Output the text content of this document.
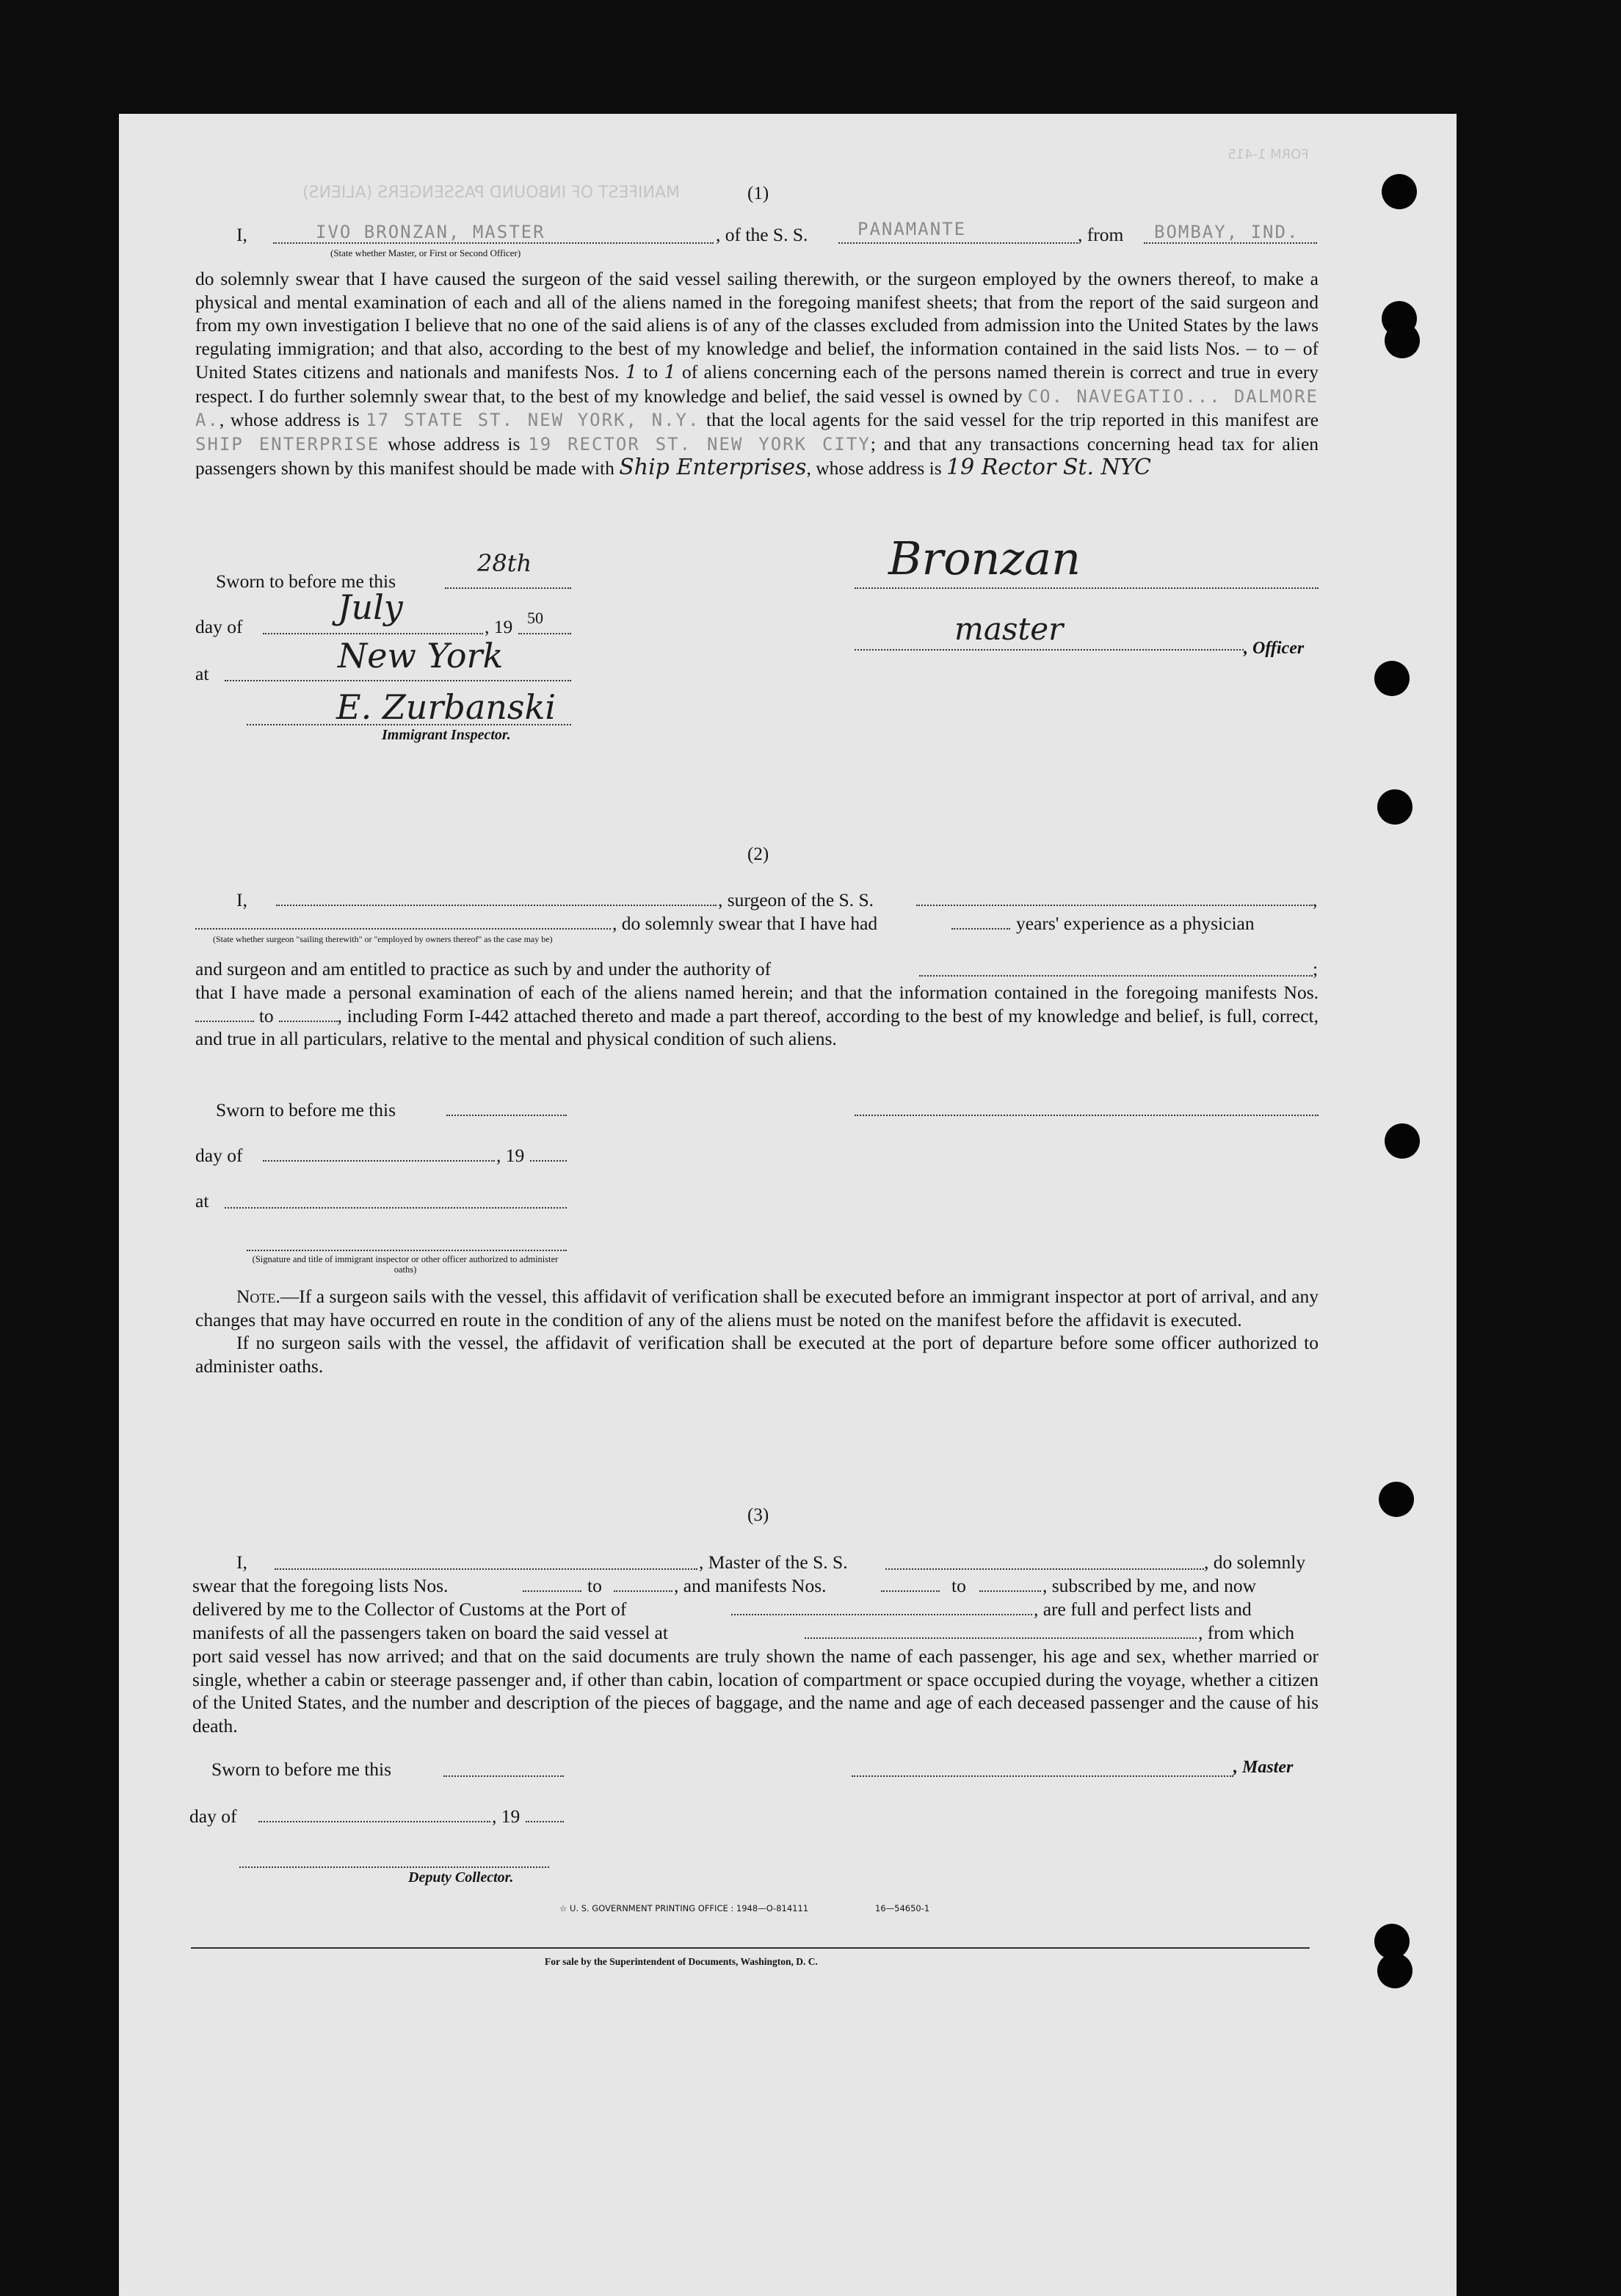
MANIFEST OF INBOUND PASSENGERS (ALIENS)
FORM 1-415
(1)
I,	IVO BRONZAN, MASTER	, of the S. S.	PANAMANTE	, from BOMBAY, IND.
(State whether Master, or First or Second Officer)

do solemnly swear that I have caused the surgeon of the said vessel sailing therewith, or the surgeon employed by the owners thereof, to make a physical and mental examination of each and all of the aliens named in the foregoing manifest sheets; that from the report of the said surgeon and from my own investigation I believe that no one of the said aliens is of any of the classes excluded from admission into the United States by the laws regulating immigration; and that also, according to the best of my knowledge and belief, the information contained in the said lists Nos. — to — of United States citizens and nationals and manifests Nos. 1 to 1 of aliens concerning each of the persons named therein is correct and true in every respect. I do further solemnly swear that, to the best of my knowledge and belief, the said vessel is owned by CO. NAVEGATIO... DALMORE A., whose address is 17 STATE ST. NEW YORK, N.Y. that the local agents for the said vessel for the trip reported in this manifest are SHIP ENTERPRISE whose address is 19 RECTOR ST. NEW YORK CITY; and that any transactions concerning head tax for alien passengers shown by this manifest should be made with Ship Enterprises, whose address is 19 Rector St. NYC

Sworn to before me this
28th
day of	July	, 19 50
at	New York
E. Zurbanski
Immigrant Inspector.
Bronzan
master
, Officer
(2)
I,	, surgeon of the S. S.	,
, do solemnly swear that I have had	years' experience as a physician
(State whether surgeon "sailing therewith" or "employed by owners thereof" as the case may be)
and surgeon and am entitled to practice as such by and under the authority of	;

that I have made a personal examination of each of the aliens named herein; and that the information contained in the foregoing manifests Nos.  to	, including Form I-442 attached thereto and made a part thereof, according to the best of my knowledge and belief, is full, correct, and true in all particulars, relative to the mental and physical condition of such aliens.

Sworn to before me this
day of	, 19
at
(Signature and title of immigrant inspector or other officer authorized to administer oaths)

Note.—If a surgeon sails with the vessel, this affidavit of verification shall be executed before an immigrant inspector at port of arrival, and any changes that may have occurred en route in the condition of any of the aliens must be noted on the manifest before the affidavit is executed.

If no surgeon sails with the vessel, the affidavit of verification shall be executed at the port of departure before some officer authorized to administer oaths.

(3)
I,	, Master of the S. S.	, do solemnly
swear that the foregoing lists Nos.	to	, and manifests Nos.	to	, subscribed by me, and now
delivered by me to the Collector of Customs at the Port of	, are full and perfect lists and
manifests of all the passengers taken on board the said vessel at	, from which

port said vessel has now arrived; and that on the said documents are truly shown the name of each passenger, his age and sex, whether married or single, whether a cabin or steerage passenger and, if other than cabin, location of compartment or space occupied during the voyage, whether a citizen of the United States, and the number and description of the pieces of baggage, and the name and age of each deceased passenger and the cause of his death.

Sworn to before me this	, Master
day of	, 19
Deputy Collector.
☆ U. S. GOVERNMENT PRINTING OFFICE : 1948—O-814111	16—54650-1
For sale by the Superintendent of Documents, Washington, D. C.
